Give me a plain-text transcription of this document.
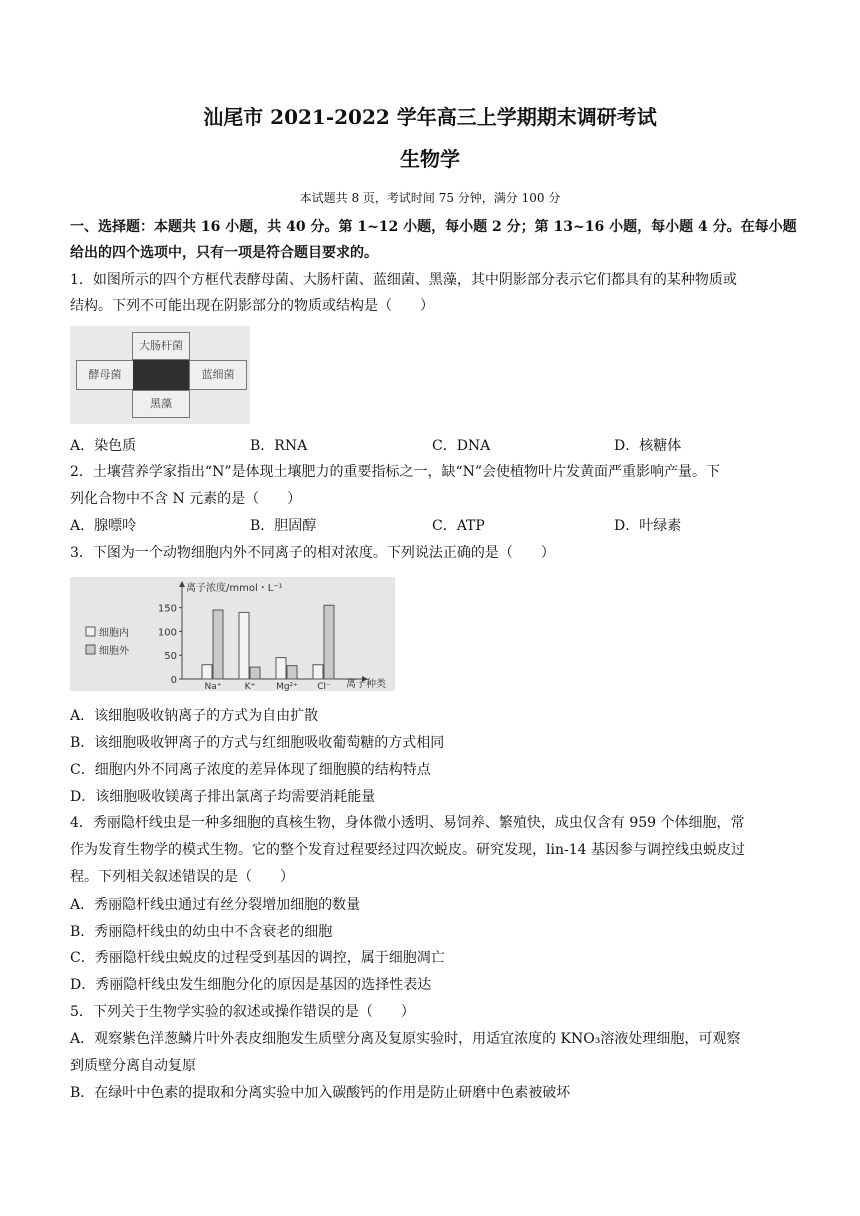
汕尾市 2021-2022 学年高三上学期期末调研考试
生物学
本试题共 8 页，考试时间 75 分钟，满分 100 分
一、选择题：本题共 16 小题，共 40 分。第 1~12 小题，每小题 2 分；第 13~16 小题，每小题 4 分。在每小题
给出的四个选项中，只有一项是符合题目要求的。
1．如图所示的四个方框代表酵母菌、大肠杆菌、蓝细菌、黑藻，其中阴影部分表示它们都具有的某种物质或
结构。下列不可能出现在阴影部分的物质或结构是（　　）
大肠杆菌
酵母菌	蓝细菌
黑藻
A．染色质	B．RNA	C．DNA	D．核糖体
2．土壤营养学家指出“N”是体现土壤肥力的重要指标之一，缺“N”会使植物叶片发黄面严重影响产量。下
列化合物中不含 N 元素的是（　　）
A．腺嘌呤	B．胆固醇	C．ATP	D．叶绿素
3．下图为一个动物细胞内外不同离子的相对浓度。下列说法正确的是（　　）
0
50
100
150
离子浓度/mmol・L⁻¹
离子种类
Na⁺	K⁺ Mg²⁺ Cl⁻
细胞内
细胞外
A．该细胞吸收钠离子的方式为自由扩散
B．该细胞吸收钾离子的方式与红细胞吸收葡萄糖的方式相同
C．细胞内外不同离子浓度的差异体现了细胞膜的结构特点
D．该细胞吸收镁离子排出氯离子均需要消耗能量
4．秀丽隐杆线虫是一种多细胞的真核生物，身体微小透明、易饲养、繁殖快，成虫仅含有 959 个体细胞，常
作为发育生物学的模式生物。它的整个发育过程要经过四次蜕皮。研究发现，lin-14 基因参与调控线虫蜕皮过
程。下列相关叙述错误的是（　　）
A．秀丽隐杆线虫通过有丝分裂增加细胞的数量
B．秀丽隐杆线虫的幼虫中不含衰老的细胞
C．秀丽隐杆线虫蜕皮的过程受到基因的调控，属于细胞凋亡
D．秀丽隐杆线虫发生细胞分化的原因是基因的选择性表达
5．下列关于生物学实验的叙述或操作错误的是（　　）
A．观察紫色洋葱鳞片叶外表皮细胞发生质壁分离及复原实验时，用适宜浓度的 KNO₃溶液处理细胞，可观察
到质壁分离自动复原
B．在绿叶中色素的提取和分离实验中加入碳酸钙的作用是防止研磨中色素被破坏
